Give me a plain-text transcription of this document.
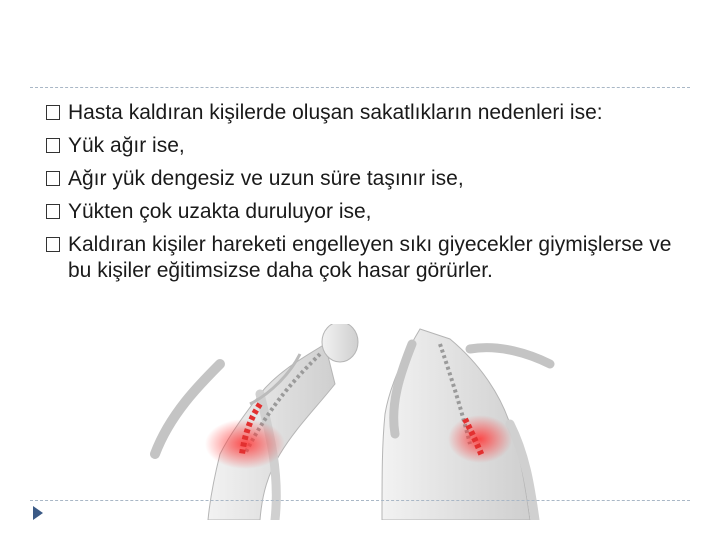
Hasta kaldıran kişilerde oluşan sakatlıkların nedenleri ise:
Yük ağır ise,
Ağır yük dengesiz ve uzun süre taşınır ise,
Yükten çok uzakta duruluyor ise,
Kaldıran kişiler hareketi engelleyen sıkı giyecekler giymişlerse ve bu kişiler eğitimsizse daha çok hasar görürler.
